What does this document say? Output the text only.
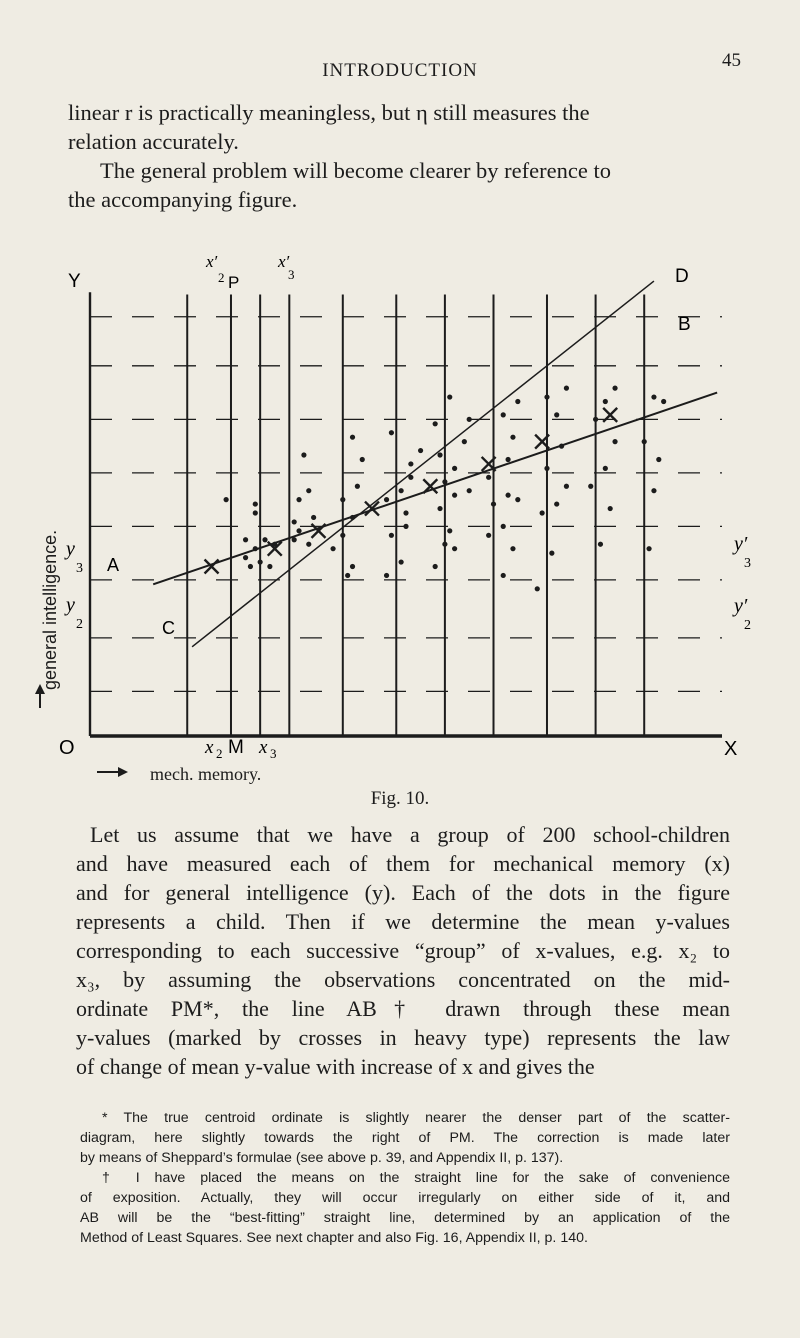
INTRODUCTION	45
linear r is practically meaningless, but η still measures the
relation accurately.
The general problem will become clearer by reference to
the accompanying figure.
general intelligence.
Y
O	X
x′
2 P
x′
3	D
B
A
C
y
3
y
2
y′
3
y′
2
x 2 M x 3
mech. memory.
Fig. 10.
Let us assume that we have a group of 200 school-children
and have measured each of them for mechanical memory (x)
and for general intelligence (y). Each of the dots in the figure
represents a child. Then if we determine the mean y-values
corresponding to each successive “group” of x-values, e.g. x₂ to
x₃, by assuming the observations concentrated on the mid-
ordinate PM*, the line AB† drawn through these mean
y-values (marked by crosses in heavy type) represents the law
of change of mean y-value with increase of x and gives the
* The true centroid ordinate is slightly nearer the denser part of the scatter-
diagram, here slightly towards the right of PM. The correction is made later
by means of Sheppard’s formulae (see above p. 39, and Appendix II, p. 137).
† I have placed the means on the straight line for the sake of convenience
of exposition. Actually, they will occur irregularly on either side of it, and
AB will be the “best-fitting” straight line, determined by an application of the
Method of Least Squares. See next chapter and also Fig. 16, Appendix II, p. 140.
